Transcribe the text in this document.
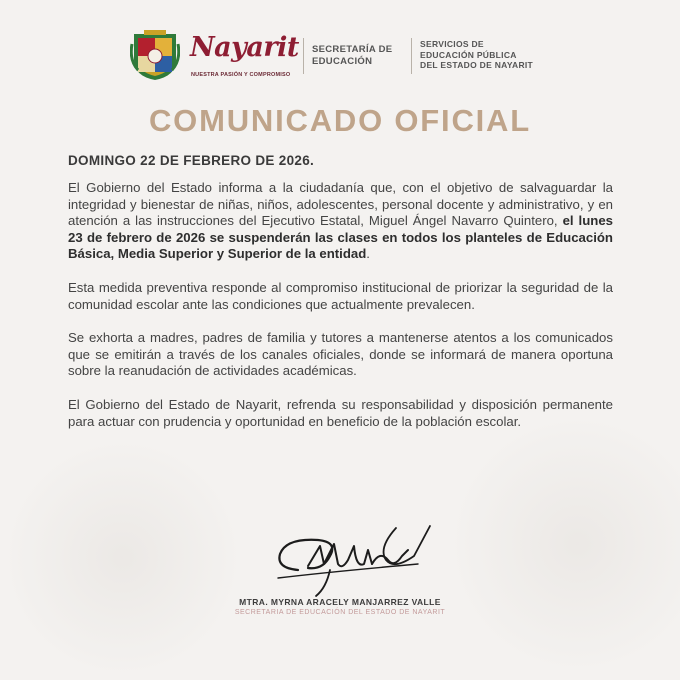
Nayarit
NUESTRA PASIÓN Y COMPROMISO
SECRETARÍA DE
EDUCACIÓN
SERVICIOS DE
EDUCACIÓN PÚBLICA
DEL ESTADO DE NAYARIT
COMUNICADO OFICIAL
DOMINGO 22 DE FEBRERO DE 2026.

El Gobierno del Estado informa a la ciudadanía que, con el objetivo de salvaguardar la integridad y bienestar de niñas, niños, adolescentes, personal docente y administrativo, y en atención a las instrucciones del Ejecutivo Estatal, Miguel Ángel Navarro Quintero, el lunes 23 de febrero de 2026 se suspenderán las clases en todos los planteles de Educación Básica, Media Superior y Superior de la entidad.

Esta medida preventiva responde al compromiso institucional de priorizar la seguridad de la comunidad escolar ante las condiciones que actualmente prevalecen.

Se exhorta a madres, padres de familia y tutores a mantenerse atentos a los comunicados que se emitirán a través de los canales oficiales, donde se informará de manera oportuna sobre la reanudación de actividades académicas.

El Gobierno del Estado de Nayarit, refrenda su responsabilidad y disposición permanente para actuar con prudencia y oportunidad en beneficio de la población escolar.

MTRA. MYRNA ARACELY MANJARREZ VALLE
SECRETARIA DE EDUCACIÓN DEL ESTADO DE NAYARIT
